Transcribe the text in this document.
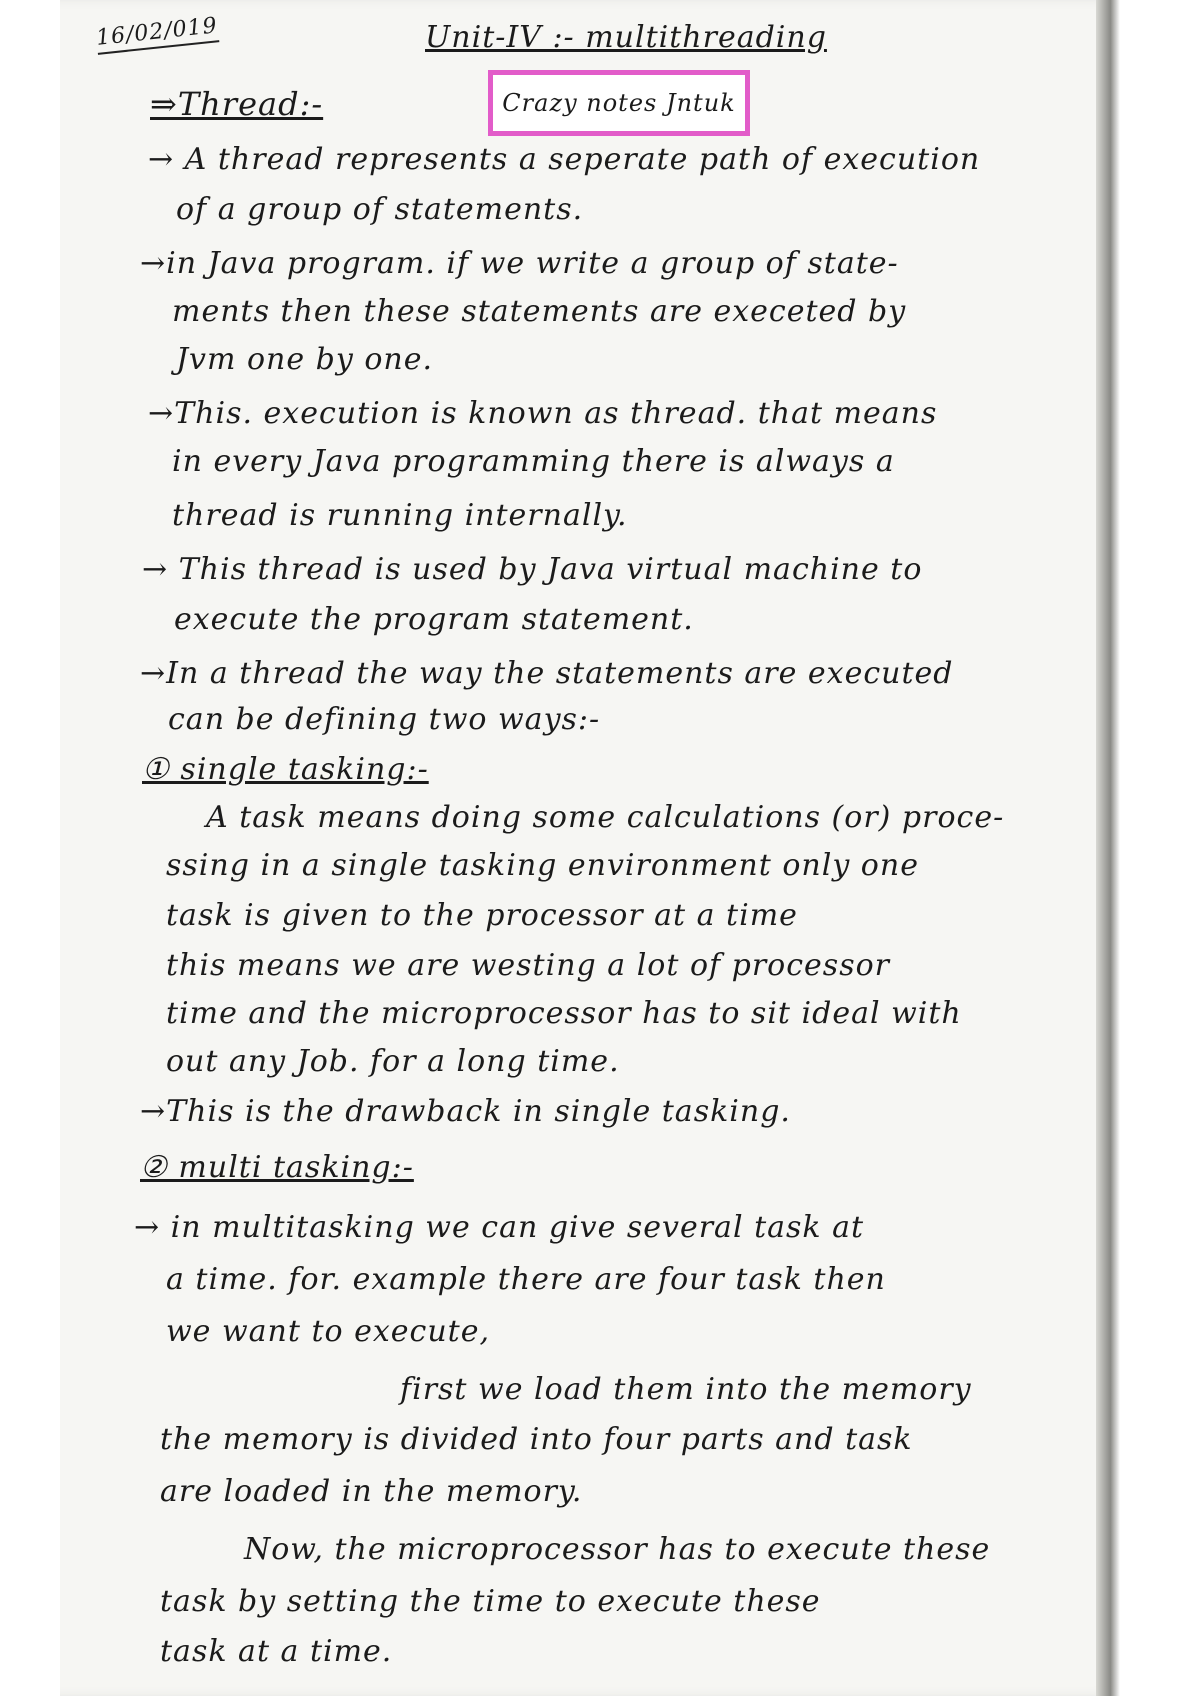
16/02/019	Unit-IV :- multithreading
Crazy notes Jntuk
⇒Thread:-
→ A thread represents a seperate path of execution
of a group of statements.
→in Java program. if we write a group of state-
ments then these statements are execeted by
Jvm one by one.
→This. execution is known as thread. that means
in every Java programming there is always a
thread is running internally.
→ This thread is used by Java virtual machine to
execute the program statement.
→In a thread the way the statements are executed
can be defining two ways:-
① single tasking:-
A task means doing some calculations (or) proce-
ssing in a single tasking environment only one
task is given to the processor at a time
this means we are westing a lot of processor
time and the microprocessor has to sit ideal with
out any Job. for a long time.
→This is the drawback in single tasking.
② multi tasking:-
→ in multitasking we can give several task at
a time. for. example there are four task then
we want to execute,
first we load them into the memory
the memory is divided into four parts and task
are loaded in the memory.
Now, the microprocessor has to execute these
task by setting the time to execute these
task at a time.
